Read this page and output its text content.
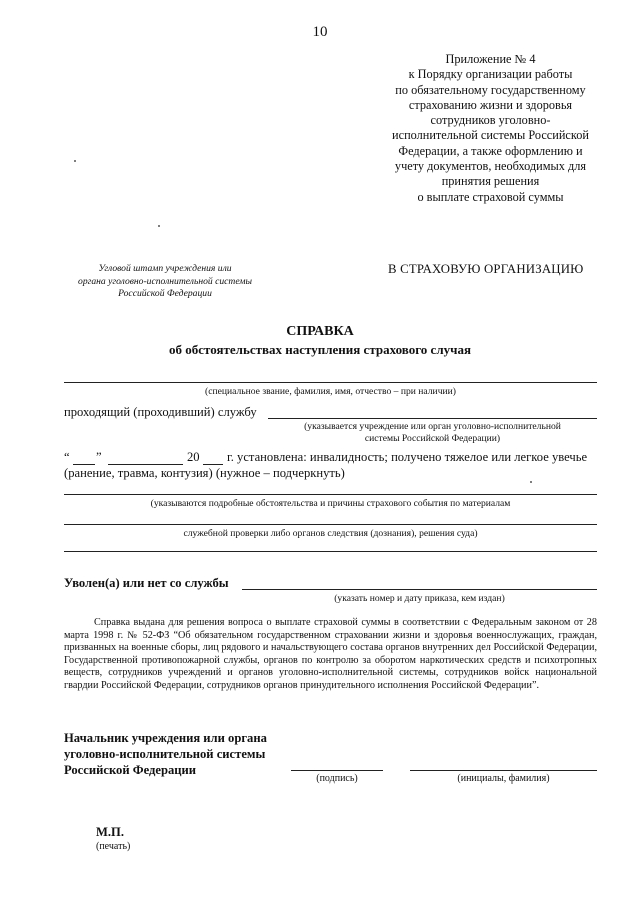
10
Приложение № 4
к Порядку организации работы
по обязательному государственному
страхованию жизни и здоровья
сотрудников уголовно-
исполнительной системы Российской
Федерации, а также оформлению и
учету документов, необходимых для
принятия решения
о выплате страховой суммы
Угловой штамп учреждения или
органа уголовно-исполнительной системы
Российской Федерации
В СТРАХОВУЮ ОРГАНИЗАЦИЮ
СПРАВКА
об обстоятельствах наступления страхового случая
(специальное звание, фамилия, имя, отчество – при наличии)
проходящий (проходивший) службу
(указывается учреждение или орган уголовно-исполнительной
системы Российской Федерации)
“ ”	20 г. установлена: инвалидность; получено тяжелое или легкое увечье
(ранение, травма, контузия) (нужное – подчеркнуть)
(указываются подробные обстоятельства и причины страхового события по материалам
служебной проверки либо органов следствия (дознания), решения суда)
Уволен(а) или нет со службы
(указать номер и дату приказа, кем издан)
Справка выдана для решения вопроса о выплате страховой суммы в соответствии с Федеральным законом от 28 марта 1998 г. № 52-ФЗ “Об обязательном государственном страховании жизни и здоровья военнослужащих, граждан, призванных на военные сборы, лиц рядового и начальствующего состава органов внутренних дел Российской Федерации, Государственной противопожарной службы, органов по контролю за оборотом наркотических средств и психотропных веществ, сотрудников учреждений и органов уголовно-исполнительной системы, сотрудников войск национальной гвардии Российской Федерации, сотрудников органов принудительного исполнения Российской Федерации”.
Начальник учреждения или органа
уголовно-исполнительной системы
Российской Федерации
(подпись)	(инициалы, фамилия)
М.П.
(печать)
